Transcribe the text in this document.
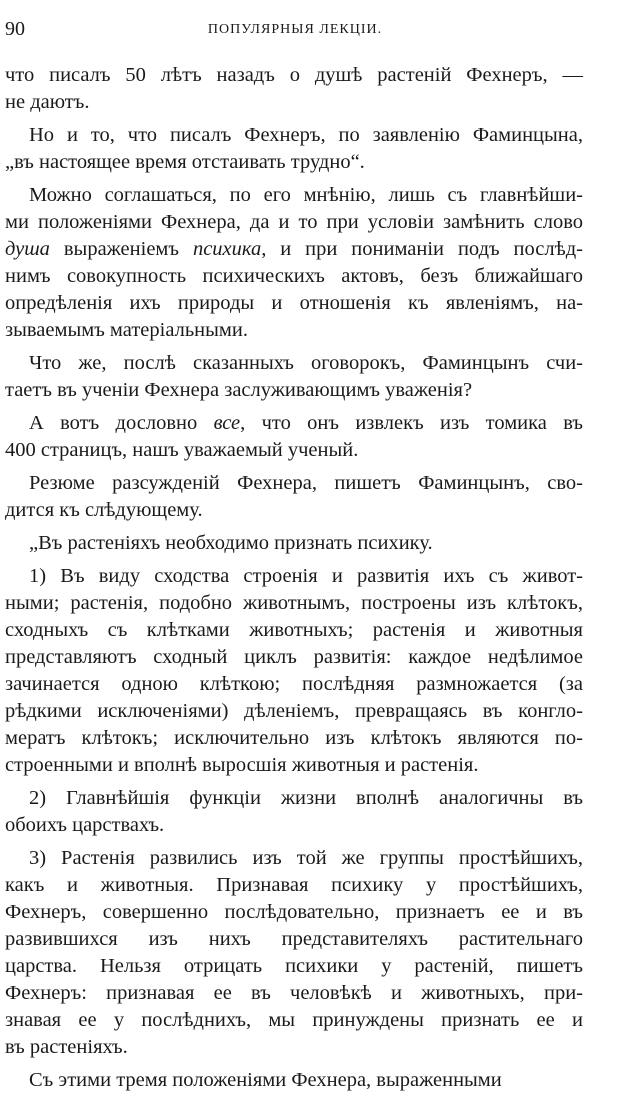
90	ПОПУЛЯРНЫЯ ЛЕКЦІИ.
что писалъ 50 лѣтъ назадъ о душѣ растеній Фехнеръ, —
не даютъ.
Но и то, что писалъ Фехнеръ, по заявленію Фаминцына,
„въ настоящее время отстаивать трудно“.
Можно соглашаться, по его мнѣнію, лишь съ главнѣйши-
ми положеніями Фехнера, да и то при условіи замѣнить слово
душа выраженіемъ психика, и при пониманіи подъ послѣд-
нимъ совокупность психическихъ актовъ, безъ ближайшаго
опредѣленія ихъ природы и отношенія къ явленіямъ, на-
зываемымъ матеріальными.
Что же, послѣ сказанныхъ оговорокъ, Фаминцынъ счи-
таетъ въ ученіи Фехнера заслуживающимъ уваженія?
А вотъ дословно все, что онъ извлекъ изъ томика въ
400 страницъ, нашъ уважаемый ученый.
Резюме разсужденій Фехнера, пишетъ Фаминцынъ, сво-
дится къ слѣдующему.
„Въ растеніяхъ необходимо признать психику.
1) Въ виду сходства строенія и развитія ихъ съ живот-
ными; растенія, подобно животнымъ, построены изъ клѣтокъ,
сходныхъ съ клѣтками животныхъ; растенія и животныя
представляютъ сходный циклъ развитія: каждое недѣлимое
зачинается одною клѣткою; послѣдняя размножается (за
рѣдкими исключеніями) дѣленіемъ, превращаясь въ конгло-
мератъ клѣтокъ; исключительно изъ клѣтокъ являются по-
строенными и вполнѣ выросшія животныя и растенія.
2) Главнѣйшія функціи жизни вполнѣ аналогичны въ
обоихъ царствахъ.
3) Растенія развились изъ той же группы простѣйшихъ,
какъ и животныя. Признавая психику у простѣйшихъ,
Фехнеръ, совершенно послѣдовательно, признаетъ ее и въ
развившихся изъ нихъ представителяхъ растительнаго
царства. Нельзя отрицать психики у растеній, пишетъ
Фехнеръ: признавая ее въ человѣкѣ и животныхъ, при-
знавая ее у послѣднихъ, мы принуждены признать ее и
въ растеніяхъ.
Съ этими тремя положеніями Фехнера, выраженными
